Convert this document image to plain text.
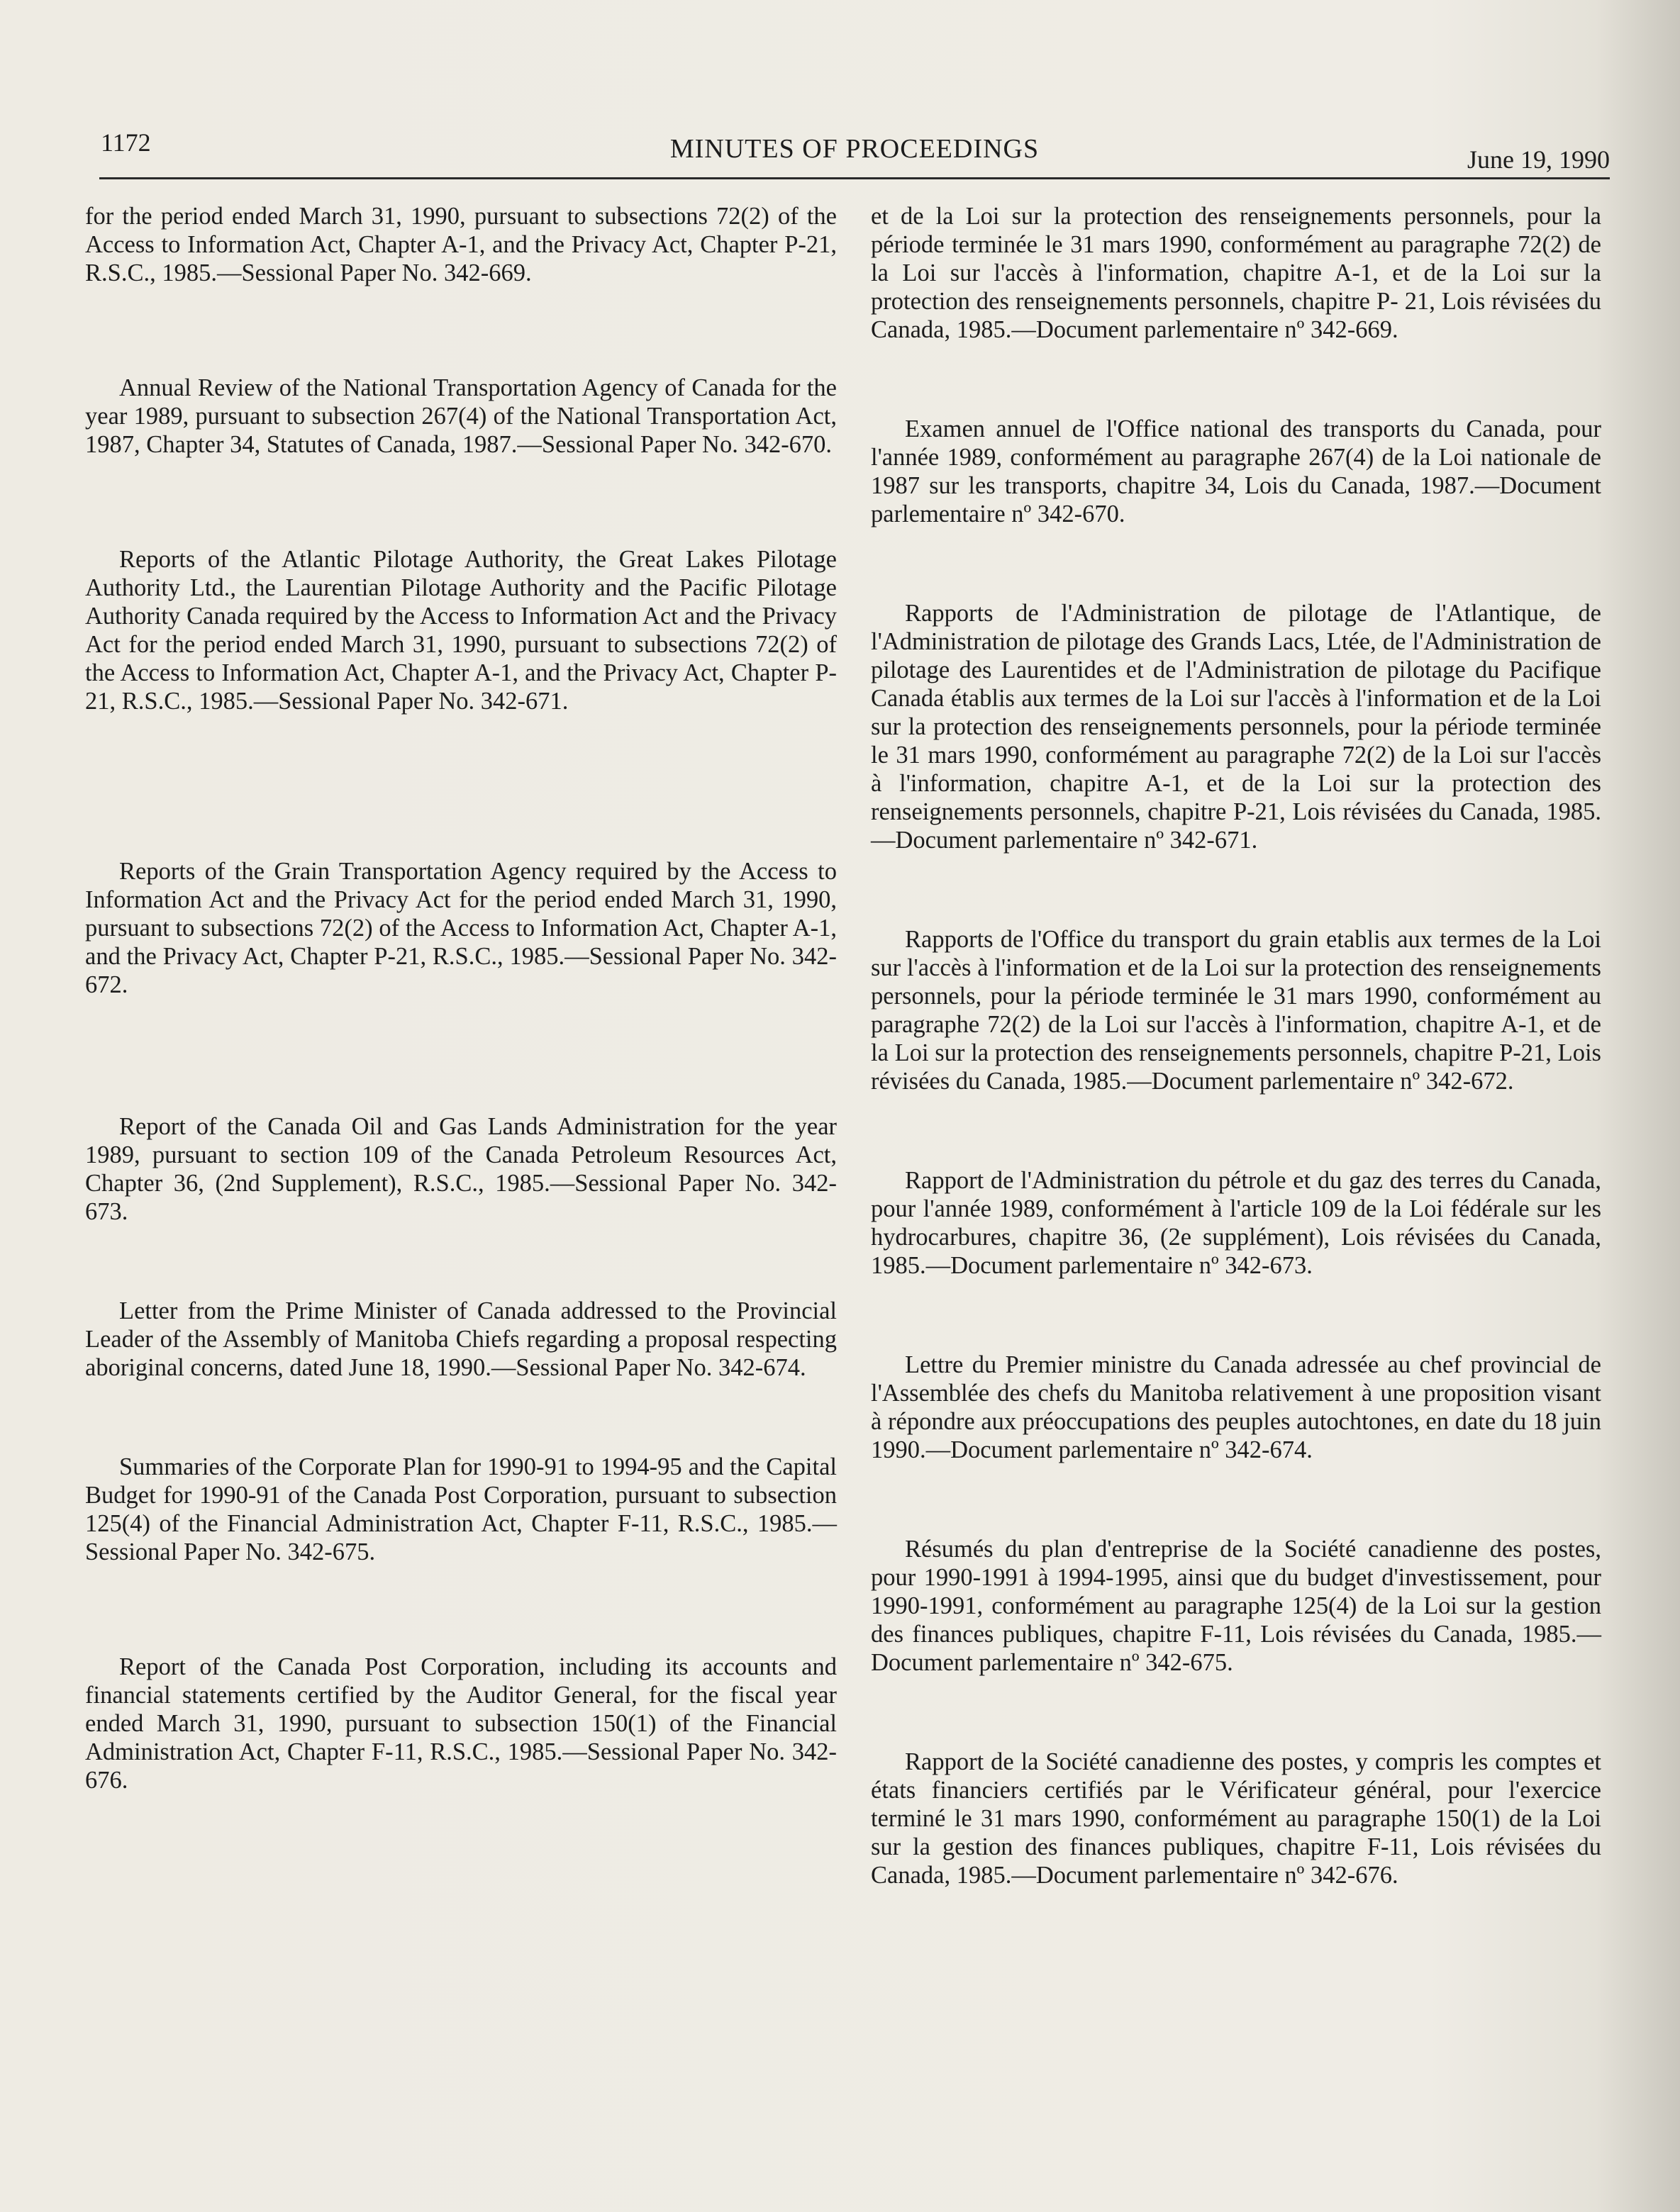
1172	MINUTES OF PROCEEDINGS	June 19, 1990

for the period ended March 31, 1990, pursuant to subsections 72(2) of the Access to Information Act, Chapter A-1, and the Privacy Act, Chapter P-21, R.S.C., 1985.—Sessional Paper No. 342-669.

Annual Review of the National Transportation Agency of Canada for the year 1989, pursuant to subsection 267(4) of the National Transportation Act, 1987, Chapter 34, Statutes of Canada, 1987.—Sessional Paper No. 342-670.

Reports of the Atlantic Pilotage Authority, the Great Lakes Pilotage Authority Ltd., the Laurentian Pilotage Authority and the Pacific Pilotage Authority Canada required by the Access to Information Act and the Privacy Act for the period ended March 31, 1990, pursuant to subsections 72(2) of the Access to Information Act, Chapter A-1, and the Privacy Act, Chapter P-21, R.S.C., 1985.—Sessional Paper No. 342-671.

Reports of the Grain Transportation Agency required by the Access to Information Act and the Privacy Act for the period ended March 31, 1990, pursuant to subsections 72(2) of the Access to Information Act, Chapter A-1, and the Privacy Act, Chapter P-21, R.S.C., 1985.—Sessional Paper No. 342-672.

Report of the Canada Oil and Gas Lands Administration for the year 1989, pursuant to section 109 of the Canada Petroleum Resources Act, Chapter 36, (2nd Supplement), R.S.C., 1985.—Sessional Paper No. 342-673.

Letter from the Prime Minister of Canada addressed to the Provincial Leader of the Assembly of Manitoba Chiefs regarding a proposal respecting aboriginal concerns, dated June 18, 1990.—Sessional Paper No. 342-674.

Summaries of the Corporate Plan for 1990-91 to 1994-95 and the Capital Budget for 1990-91 of the Canada Post Corporation, pursuant to subsection 125(4) of the Financial Administration Act, Chapter F-11, R.S.C., 1985.—Sessional Paper No. 342-675.

Report of the Canada Post Corporation, including its accounts and financial statements certified by the Auditor General, for the fiscal year ended March 31, 1990, pursuant to subsection 150(1) of the Financial Administration Act, Chapter F-11, R.S.C., 1985.—Sessional Paper No. 342-676.

et de la Loi sur la protection des renseignements personnels, pour la période terminée le 31 mars 1990, conformément au paragraphe 72(2) de la Loi sur l'accès à l'information, chapitre A-1, et de la Loi sur la protection des renseignements personnels, chapitre P- 21, Lois révisées du Canada, 1985.—Document parlementaire nº 342-669.

Examen annuel de l'Office national des transports du Canada, pour l'année 1989, conformément au paragraphe 267(4) de la Loi nationale de 1987 sur les transports, chapitre 34, Lois du Canada, 1987.—Document parlementaire nº 342-670.

Rapports de l'Administration de pilotage de l'Atlantique, de l'Administration de pilotage des Grands Lacs, Ltée, de l'Administration de pilotage des Laurentides et de l'Administration de pilotage du Pacifique Canada établis aux termes de la Loi sur l'accès à l'information et de la Loi sur la protection des renseignements personnels, pour la période terminée le 31 mars 1990, conformément au paragraphe 72(2) de la Loi sur l'accès à l'information, chapitre A-1, et de la Loi sur la protection des renseignements personnels, chapitre P-21, Lois révisées du Canada, 1985.—Document parlementaire nº 342-671.

Rapports de l'Office du transport du grain etablis aux termes de la Loi sur l'accès à l'information et de la Loi sur la protection des renseignements personnels, pour la période terminée le 31 mars 1990, conformément au paragraphe 72(2) de la Loi sur l'accès à l'information, chapitre A-1, et de la Loi sur la protection des renseignements personnels, chapitre P-21, Lois révisées du Canada, 1985.—Document parlementaire nº 342-672.

Rapport de l'Administration du pétrole et du gaz des terres du Canada, pour l'année 1989, conformément à l'article 109 de la Loi fédérale sur les hydrocarbures, chapitre 36, (2e supplément), Lois révisées du Canada, 1985.—Document parlementaire nº 342-673.

Lettre du Premier ministre du Canada adressée au chef provincial de l'Assemblée des chefs du Manitoba relativement à une proposition visant à répondre aux préoccupations des peuples autochtones, en date du 18 juin 1990.—Document parlementaire nº 342-674.

Résumés du plan d'entreprise de la Société canadienne des postes, pour 1990-1991 à 1994-1995, ainsi que du budget d'investissement, pour 1990-1991, conformément au paragraphe 125(4) de la Loi sur la gestion des finances publiques, chapitre F-11, Lois révisées du Canada, 1985.—Document parlementaire nº 342-675.

Rapport de la Société canadienne des postes, y compris les comptes et états financiers certifiés par le Vérificateur général, pour l'exercice terminé le 31 mars 1990, conformément au paragraphe 150(1) de la Loi sur la gestion des finances publiques, chapitre F-11, Lois révisées du Canada, 1985.—Document parlementaire nº 342-676.
